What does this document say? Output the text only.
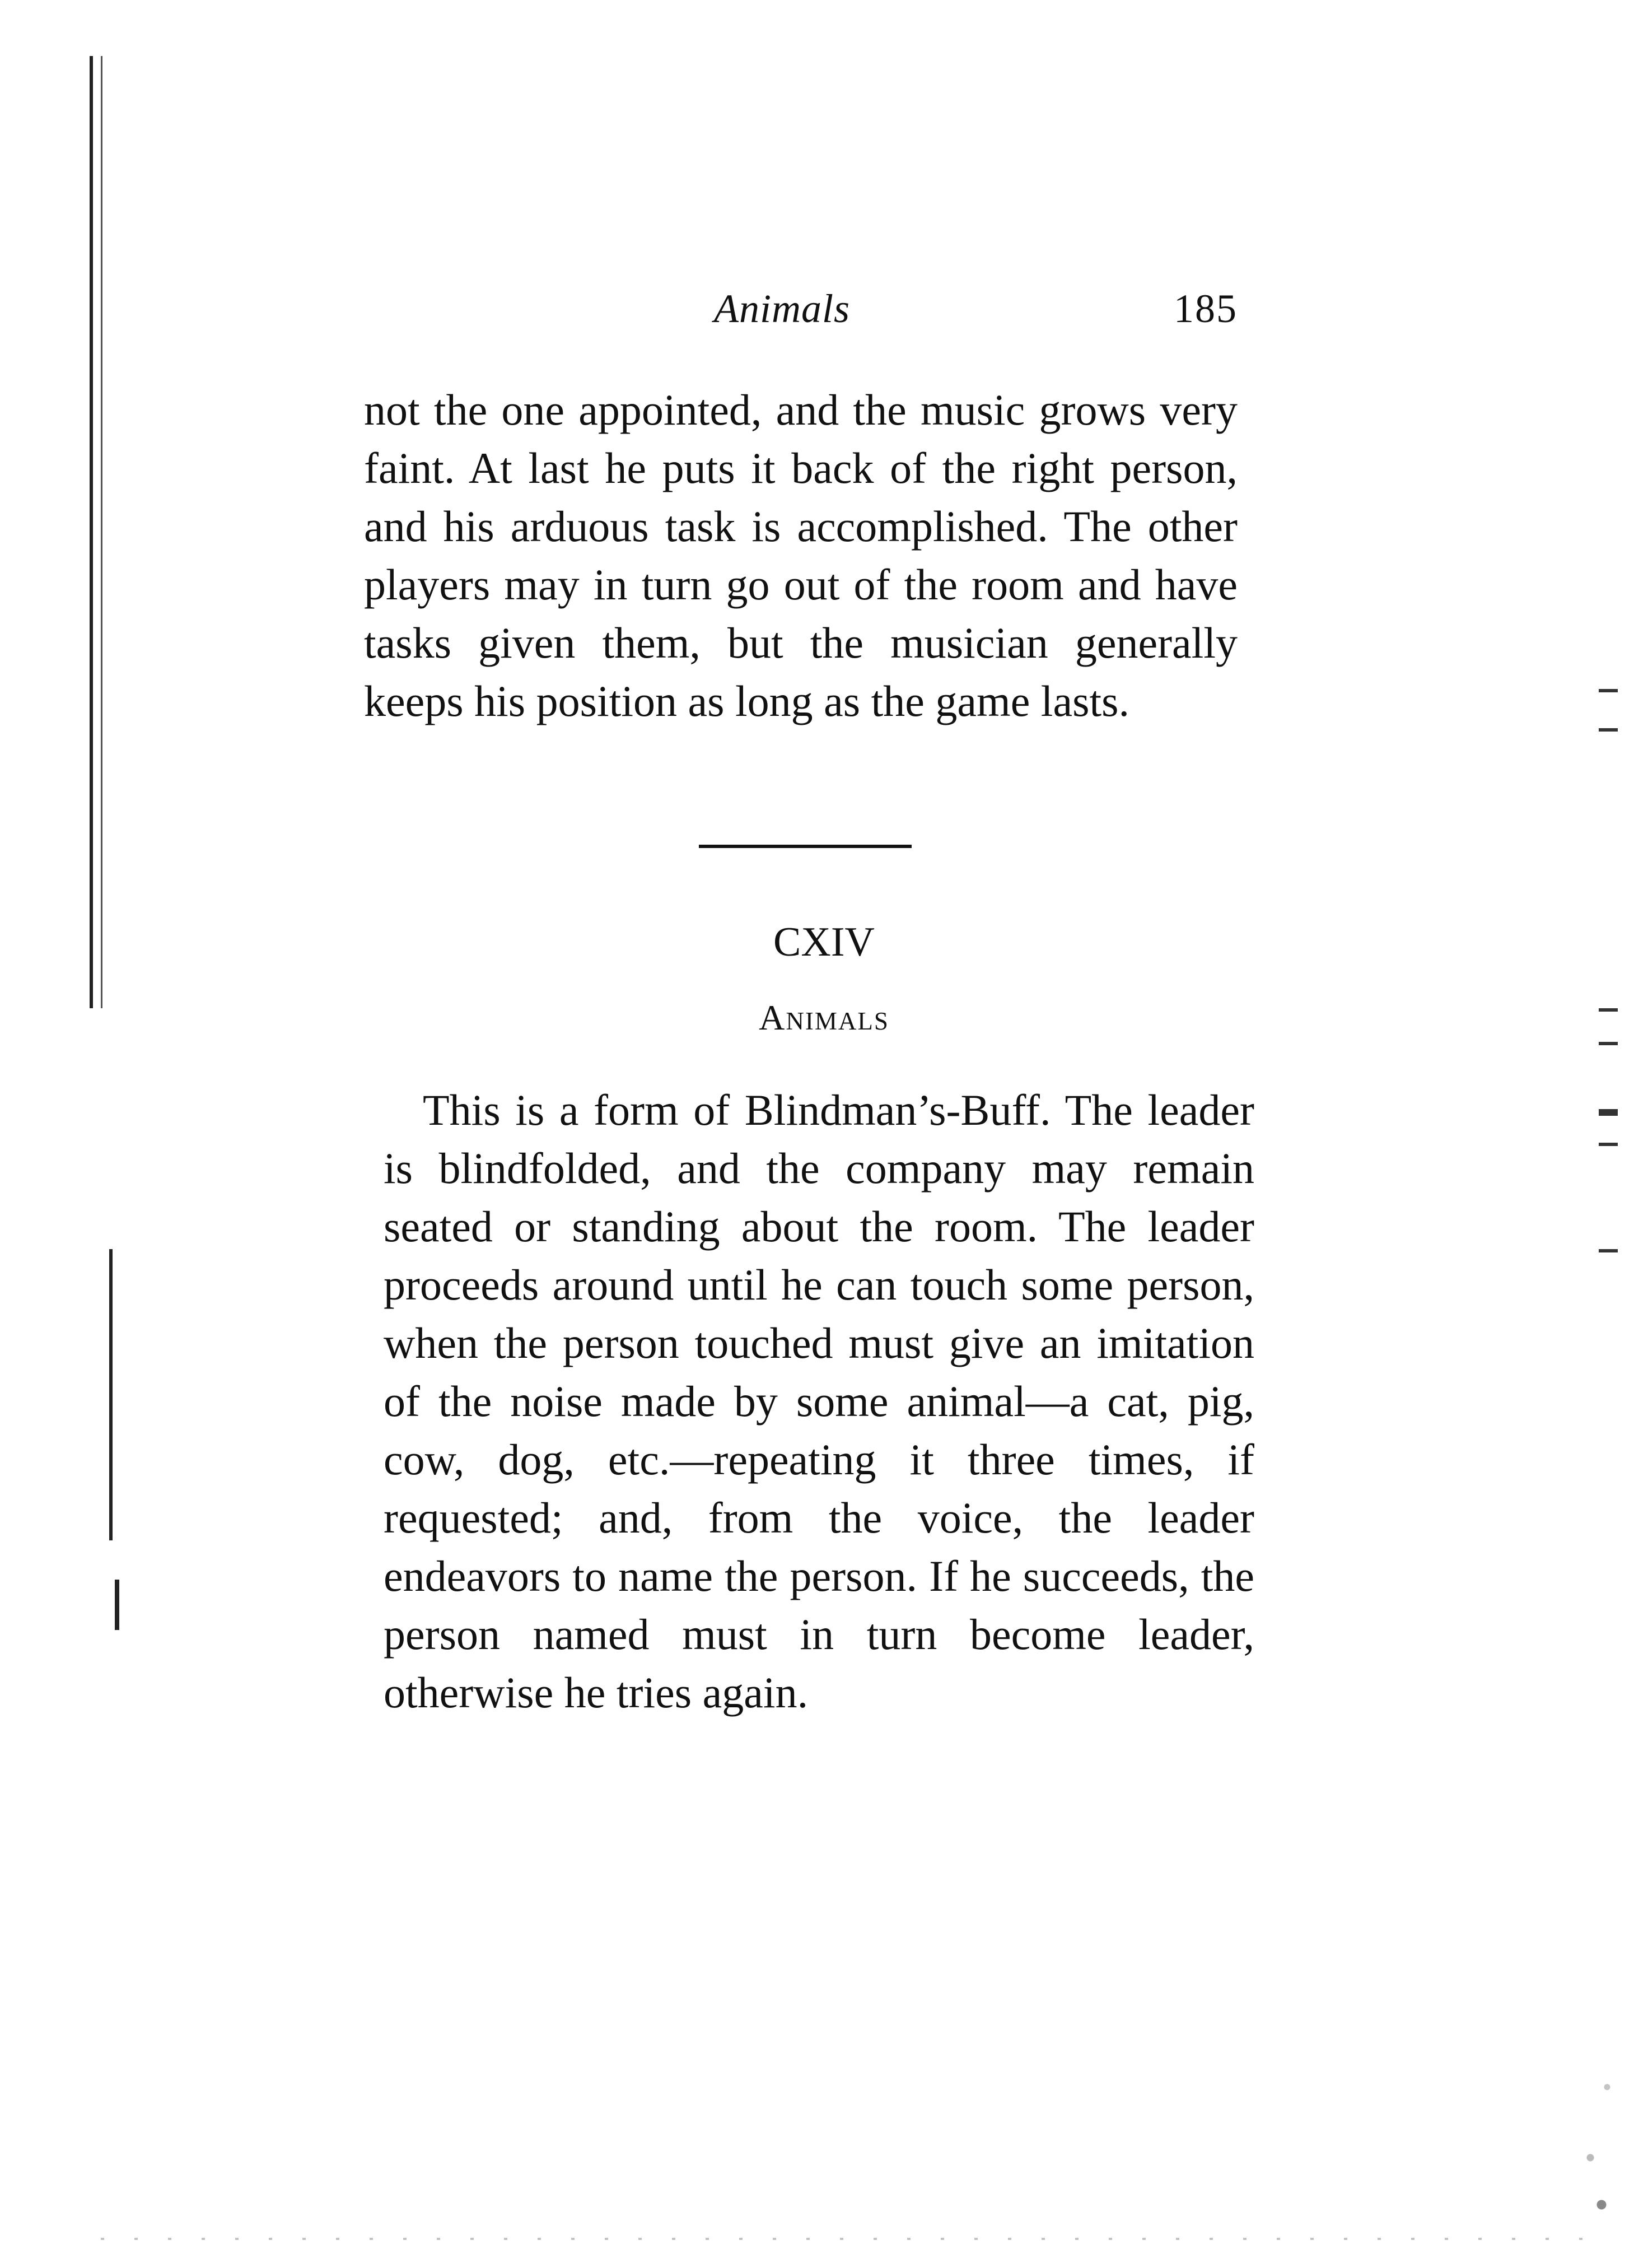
Animals	185

not the one appointed, and the music grows very faint. At last he puts it back of the right person, and his arduous task is accomplished. The other players may in turn go out of the room and have tasks given them, but the musician generally keeps his position as long as the game lasts.

CXIV
Animals

This is a form of Blindman’s-Buff. The leader is blindfolded, and the company may remain seated or standing about the room. The leader proceeds around until he can touch some person, when the person touched must give an imitation of the noise made by some animal—a cat, pig, cow, dog, etc.—repeating it three times, if requested; and, from the voice, the leader endeavors to name the person. If he succeeds, the person named must in turn become leader, otherwise he tries again.
